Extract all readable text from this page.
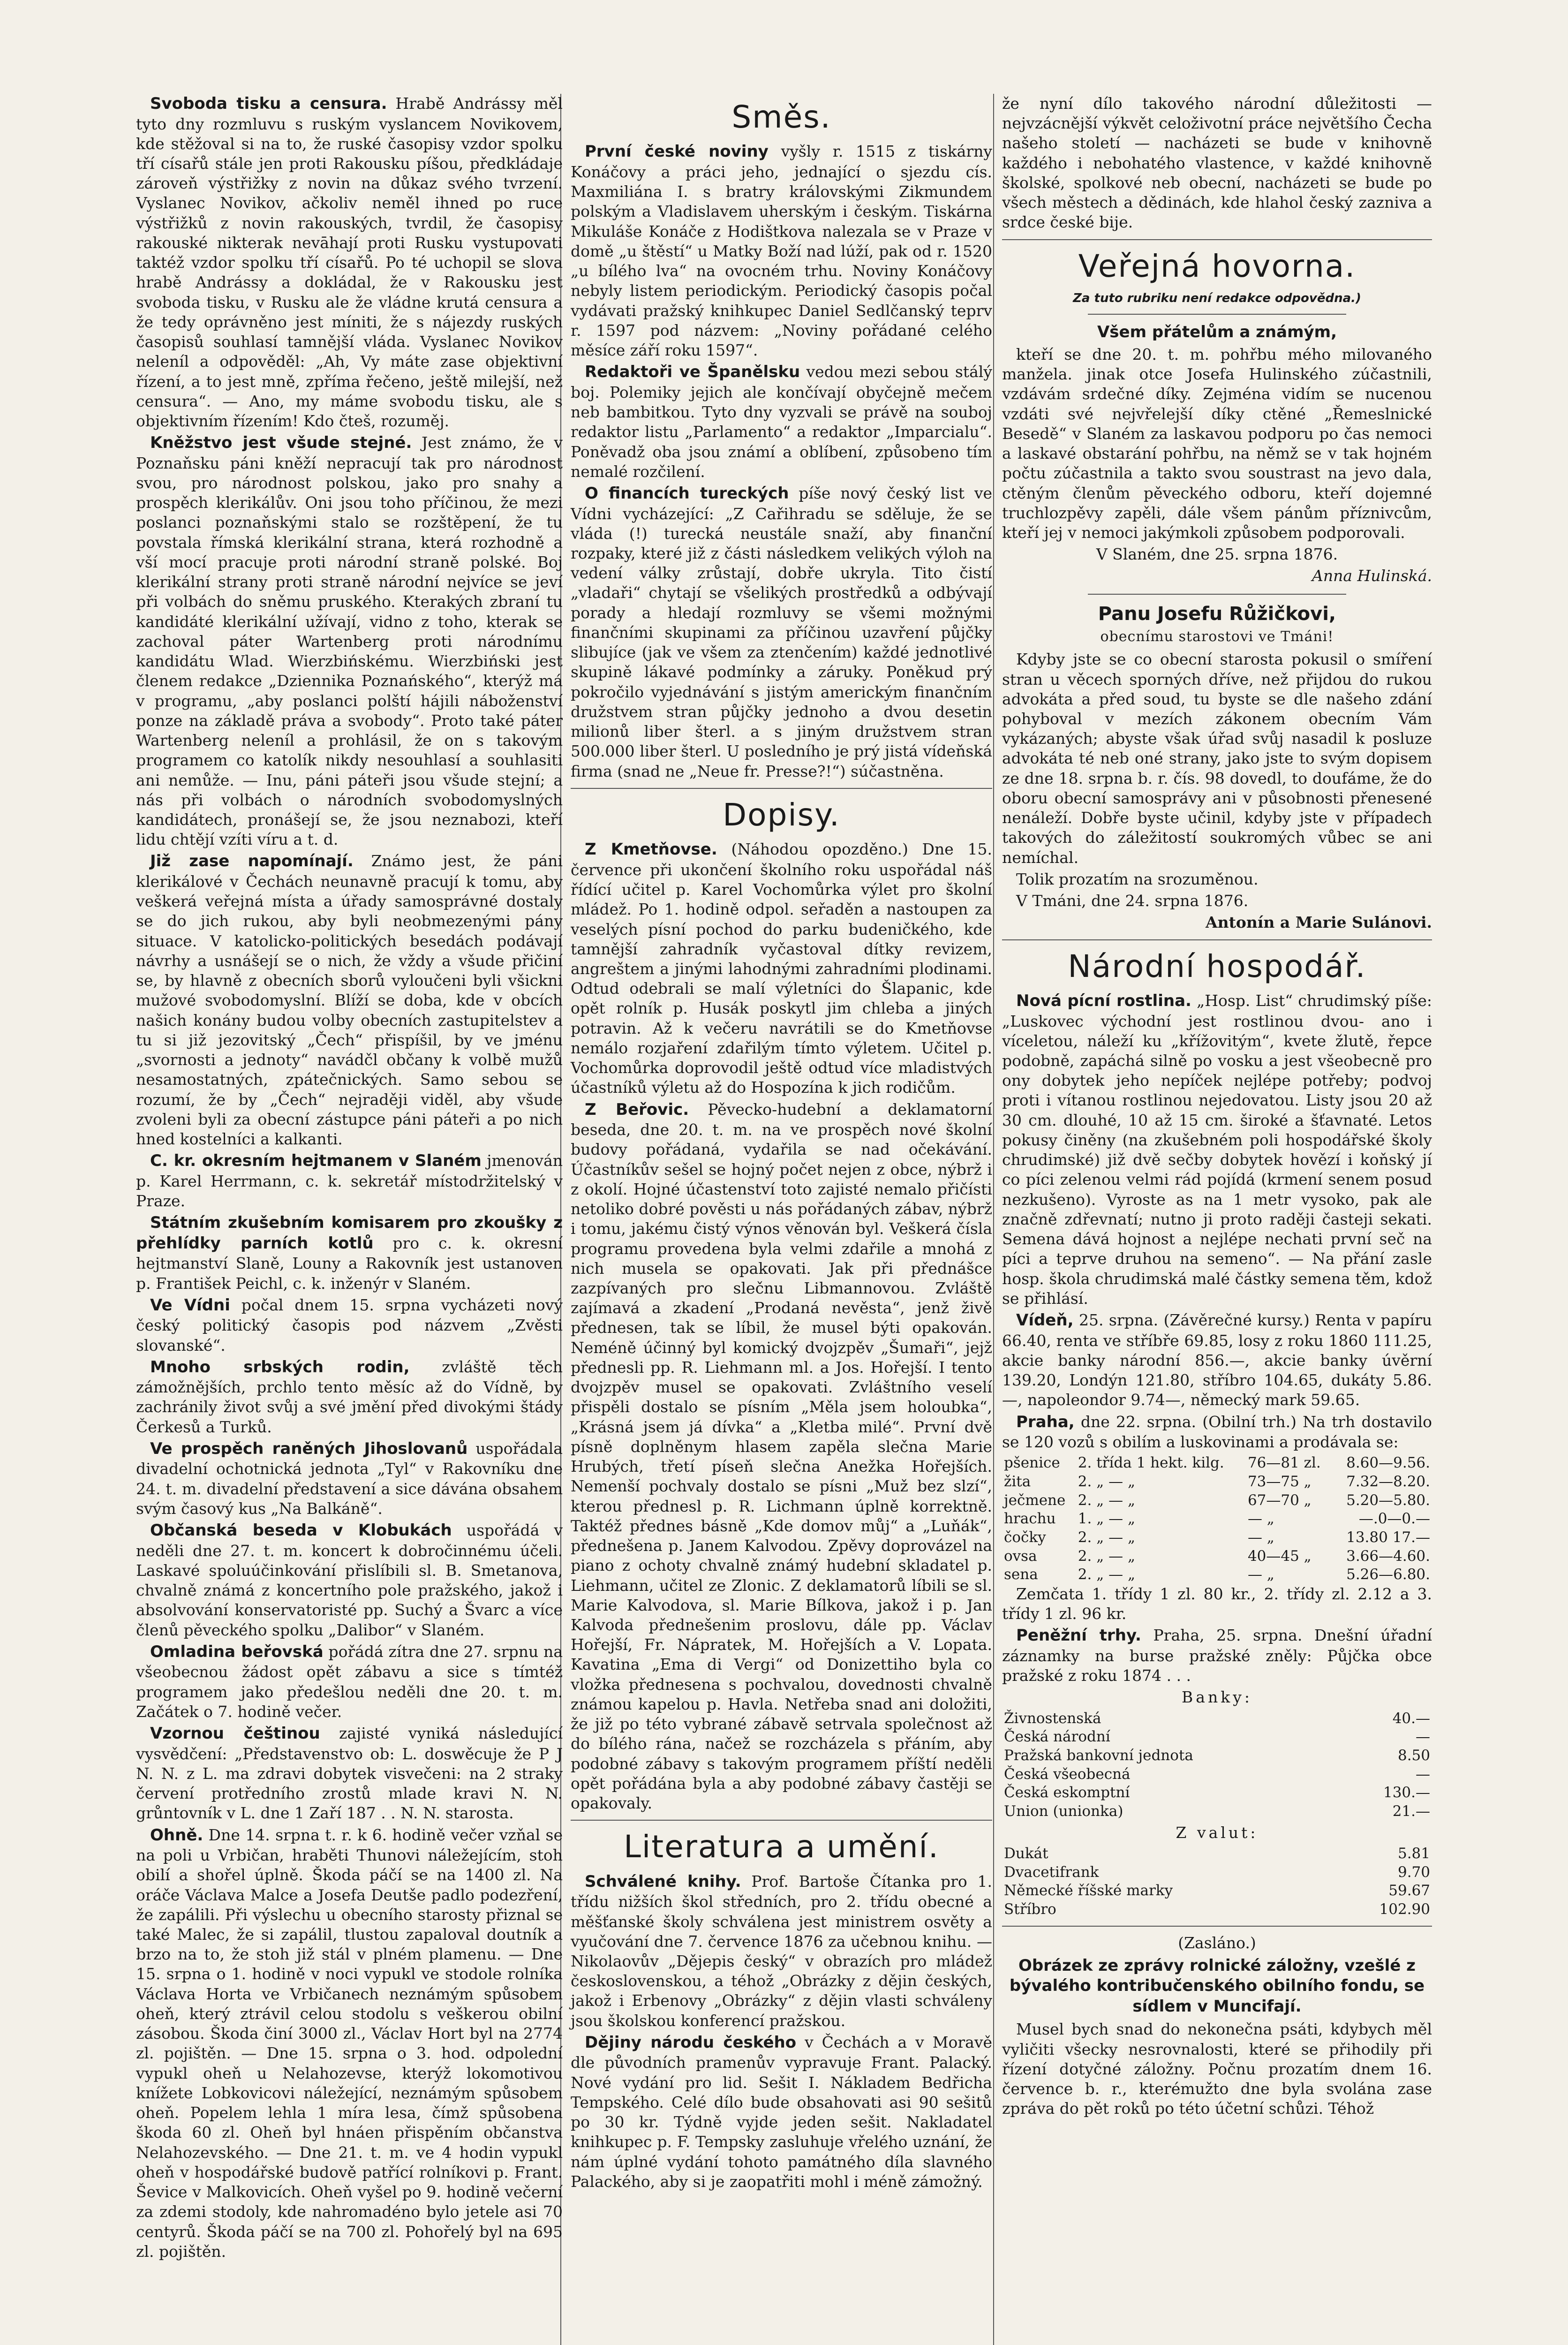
Svoboda tisku a censura. Hrabě Andrássy měl tyto dny rozmluvu s ruským vyslancem Novikovem, kde stěžoval si na to, že ruské časopisy vzdor spolku tří císařů stále jen proti Rakousku píšou, předkládaje zároveň výstřižky z novin na důkaz svého tvrzení. Vyslanec Novikov, ačkoliv neměl ihned po ruce výstřižků z novin rakouských, tvrdil, že časopisy rakouské nikterak nevāhají proti Rusku vystupovati taktéž vzdor spolku tří císařů. Po té uchopil se slova hrabě Andrássy a dokládal, že v Rakousku jest svoboda tisku, v Rusku ale že vládne krutá censura a že tedy oprávněno jest míniti, že s nájezdy ruských časopisů souhlasí tamnější vláda. Vyslanec Novikov neleníl a odpověděl: „Ah, Vy máte zase objektivní řízení, a to jest mně, zpříma řečeno, ještě milejší, než censura“. — Ano, my máme svobodu tisku, ale s objektivním řízením! Kdo čteš, rozuměj.

Kněžstvo jest všude stejné. Jest známo, že v Poznaňsku páni kněží nepracují tak pro národnost svou, pro národnost polskou, jako pro snahy a prospěch klerikálův. Oni jsou toho příčinou, že mezi poslanci poznaňskými stalo se rozštěpení, že tu povstala římská klerikální strana, která rozhodně a vší mocí pracuje proti národní straně polské. Boj klerikální strany proti straně národní nejvíce se jeví při volbách do sněmu pruského. Kterakých zbraní tu kandidáté klerikální užívají, vidno z toho, kterak se zachoval páter Wartenberg proti národnímu kandidátu Wlad. Wierzbińskému. Wierzbiński jest členem redakce „Dziennika Poznańského“, kterýž má v programu, „aby poslanci polští hájili náboženství ponze na základě práva a svobody“. Proto také páter Wartenberg neleníl a prohlásil, že on s takovým programem co katolík nikdy nesouhlasí a souhlasiti ani nemůže. — Inu, páni páteři jsou všude stejní; a nás při volbách o národních svobodomyslných kandidátech, pronášejí se, že jsou neznabozi, kteří lidu chtějí vzíti víru a t. d.

Již zase napomínají. Známo jest, že páni klerikálové v Čechách neunavně pracují k tomu, aby veškerá veřejná místa a úřady samosprávné dostaly se do jich rukou, aby byli neobmezenými pány situace. V katolicko-politických besedách podávají návrhy a usnášejí se o nich, že vždy a všude přičiní se, by hlavně z obecních sborů vyloučeni byli všickni mužové svobodomyslní. Blíží se doba, kde v obcích našich konány budou volby obecních zastupitelstev a tu si již jezovitský „Čech“ přispíšil, by ve jménu „svornosti a jednoty“ navádčl občany k volbě mužů nesamostatných, zpátečnických. Samo sebou se rozumí, že by „Čech“ nejraději viděl, aby všude zvoleni byli za obecní zástupce páni páteři a po nich hned kostelníci a kalkanti.

C. kr. okresním hejtmanem v Slaném jmenován p. Karel Herrmann, c. k. sekretář místodržitelský v Praze.

Státním zkušebním komisarem pro zkoušky z přehlídky parních kotlů pro c. k. okresní hejtmanství Slaně, Louny a Rakovník jest ustanoven p. František Peichl, c. k. inženýr v Slaném.

Ve Vídni počal dnem 15. srpna vycházeti nový český politický časopis pod názvem „Zvěsti slovanské“.

Mnoho srbských rodin, zvláště těch zámožnějších, prchlo tento měsíc až do Vídně, by zachránily život svůj a své jmění před divokými štády Čerkesů a Turků.

Ve prospěch raněných Jihoslovanů uspořádala divadelní ochotnická jednota „Tyl“ v Rakovníku dne 24. t. m. divadelní představení a sice dávána obsahem svým časový kus „Na Balkáně“.

Občanská beseda v Klobukách uspořádá v neděli dne 27. t. m. koncert k dobročinnému účeli. Laskavé spoluúčinkování přislíbili sl. B. Smetanova, chvalně známá z koncertního pole pražského, jakož i absolvování konservatoristé pp. Suchý a Švarc a více členů pěveckého spolku „Dalibor“ v Slaném.

Omladina beřovská pořádá zítra dne 27. srpnu na všeobecnou žádost opět zábavu a sice s tímtéž programem jako předešlou neděli dne 20. t. m. Začátek o 7. hodině večer.

Vzornou češtinou zajisté vyniká následující vysvědčení: „Představenstvo ob: L. doswěcuje že P J N. N. z L. ma zdravi dobytek visvečeni: na 2 straky červení protředního zrostů mlade kravi N. N. grůntovník v L. dne 1 Zaří 187 . . N. N. starosta.

Ohně. Dne 14. srpna t. r. k 6. hodině večer vzňal se na poli u Vrbičan, hraběti Thunovi náležejícím, stoh obilí a shořel úplně. Škoda páčí se na 1400 zl. Na oráče Václava Malce a Josefa Deutše padlo podezření, že zapálili. Při výslechu u obecního starosty přiznal se také Malec, že si zapálil, tlustou zapaloval doutník a brzo na to, že stoh již stál v plném plamenu. — Dne 15. srpna o 1. hodině v noci vypukl ve stodole rolníka Václava Horta ve Vrbičanech neznámým spůsobem oheň, který ztrávil celou stodolu s veškerou obilní zásobou. Škoda činí 3000 zl., Václav Hort byl na 2774 zl. pojištěn. — Dne 15. srpna o 3. hod. odpolední vypukl oheň u Nelahozevse, kterýž lokomotivou knížete Lobkovicovi náležející, neznámým spůsobem oheň. Popelem lehla 1 míra lesa, čímž spůsobena škoda 60 zl. Oheň byl hnáen přispěním občanstva Nelahozevského. — Dne 21. t. m. ve 4 hodin vypukl oheň v hospodářské budově patřící rolníkovi p. Frant. Ševice v Malkovicích. Oheň vyšel po 9. hodině večerní za zdemi stodoly, kde nahromadéno bylo jetele asi 70 centyrů. Škoda páčí se na 700 zl. Pohořelý byl na 695 zl. pojištěn.

Směs.

První české noviny vyšly r. 1515 z tiskárny Konáčovy a práci jeho, jednající o sjezdu cís. Maxmiliána I. s bratry královskými Zikmundem polským a Vladislavem uherským i českým. Tiskárna Mikuláše Konáče z Hodištkova nalezala se v Praze v domě „u štěstí“ u Matky Boží nad lúží, pak od r. 1520 „u bílého lva“ na ovocném trhu. Noviny Konáčovy nebyly listem periodickým. Periodický časopis počal vydávati pražský knihkupec Daniel Sedlčanský teprv r. 1597 pod názvem: „Noviny pořádané celého měsíce září roku 1597“.

Redaktoři ve Španělsku vedou mezi sebou stálý boj. Polemiky jejich ale končívají obyčejně mečem neb bambitkou. Tyto dny vyzvali se právě na souboj redaktor listu „Parlamento“ a redaktor „Imparcialu“. Poněvadž oba jsou známí a oblíbení, způsobeno tím nemalé rozčilení.

O financích tureckých píše nový český list ve Vídni vycházející: „Z Cařihradu se sděluje, že se vláda (!) turecká neustále snaží, aby finanční rozpaky, které již z části následkem velikých výloh na vedení války zrůstají, dobře ukryla. Tito čistí „vladaři“ chytají se všelikých prostředků a odbývají porady a hledají rozmluvy se všemi možnými finančními skupinami za příčinou uzavření půjčky slibujíce (jak ve všem za ztenčením) každé jednotlivé skupině lákavé podmínky a záruky. Poněkud prý pokročilo vyjednávání s jistým americkým finančním družstvem stran půjčky jednoho a dvou desetin milionů liber šterl. a s jiným družstvem stran 500.000 liber šterl. U posledního je prý jistá vídeňská firma (snad ne „Neue fr. Presse?!“) súčastněna.

Dopisy.

Z Kmetňovse. (Náhodou opozděno.) Dne 15. července při ukončení školního roku uspořádal náš řídící učitel p. Karel Vochomůrka výlet pro školní mládež. Po 1. hodině odpol. seřaděn a nastoupen za veselých písní pochod do parku budeničkého, kde tamnější zahradník vyčastoval dítky revizem, angreštem a jinými lahodnými zahradními plodinami. Odtud odebrali se malí výletníci do Šlapanic, kde opět rolník p. Husák poskytl jim chleba a jiných potravin. Až k večeru navrátili se do Kmetňovse nemálo rozjaření zdařilým tímto výletem. Učitel p. Vochomůrka doprovodil ještě odtud více mladistvých účastníků výletu až do Hospozína k jich rodičům.

Z Beřovic. Pěvecko-hudební a deklamatorní beseda, dne 20. t. m. na ve prospěch nové školní budovy pořádaná, vydařila se nad očekávání. Účastníkův sešel se hojný počet nejen z obce, nýbrž i z okolí. Hojné účastenství toto zajisté nemalo přičísti netoliko dobré pověsti u nás pořádaných zábav, nýbrž i tomu, jakému čistý výnos věnován byl. Veškerá čísla programu provedena byla velmi zdařile a mnohá z nich musela se opakovati. Jak při přednášce zazpívaných pro slečnu Libmannovou. Zvláště zajímavá a zkadení „Prodaná nevěsta“, jenž živě přednesen, tak se líbil, že musel býti opakován. Neméně účinný byl komický dvojzpěv „Šumaři“, jejž přednesli pp. R. Liehmann ml. a Jos. Hořejší. I tento dvojzpěv musel se opakovati. Zvláštního veselí přispěli dostalo se písním „Měla jsem holoubka“, „Krásná jsem já dívka“ a „Kletba milé“. První dvě písně doplněnym hlasem zapěla slečna Marie Hrubých, třetí píseň slečna Anežka Hořejších. Nemenší pochvaly dostalo se písni „Muž bez slzí“, kterou přednesl p. R. Lichmann úplně korrektně. Taktéž přednes básně „Kde domov můj“ a „Luňák“, přednešena p. Janem Kalvodou. Zpěvy doprovázel na piano z ochoty chvalně známý hudební skladatel p. Liehmann, učitel ze Zlonic. Z deklamatorů líbili se sl. Marie Kalvodova, sl. Marie Bílkova, jakož i p. Jan Kalvoda přednešenim proslovu, dále pp. Václav Hořejší, Fr. Nápratek, M. Hořejších a V. Lopata. Kavatina „Ema di Vergi“ od Donizettiho byla co vložka přednesena s pochvalou, dovednosti chvalně známou kapelou p. Havla. Netřeba snad ani doložiti, že již po této vybrané zábavě setrvala společnost až do bílého rána, načež se rozcházela s přáním, aby podobné zábavy s takovým programem příští neděli opět pořádána byla a aby podobné zábavy častěji se opakovaly.

Literatura a umění.

Schválené knihy. Prof. Bartoše Čítanka pro 1. třídu nižších škol středních, pro 2. třídu obecné a měšťanské školy schválena jest ministrem osvěty a vyučování dne 7. července 1876 za učebnou knihu. — Nikolaovův „Dějepis český“ v obrazích pro mládež československou, a téhož „Obrázky z dějin českých, jakož i Erbenovy „Obrázky“ z dějin vlasti schváleny jsou školskou konferencí pražskou.

Dějiny národu českého v Čechách a v Moravě dle původních pramenův vypravuje Frant. Palacký. Nové vydání pro lid. Sešit I. Nákladem Bedřicha Tempského. Celé dílo bude obsahovati asi 90 sešitů po 30 kr. Týdně vyjde jeden sešit. Nakladatel knihkupec p. F. Tempsky zasluhuje vřelého uznání, že nám úplné vydání tohoto památného díla slavného Palackého, aby si je zaopatřiti mohl i méně zámožný.

že nyní dílo takového národní důležitosti — nejvzácnější výkvět celoživotní práce největšího Čecha našeho století — nacházeti se bude v knihovně každého i nebohatého vlastence, v každé knihovně školské, spolkové neb obecní, nacházeti se bude po všech městech a dědinách, kde hlahol český zazniva a srdce české bije.

Veřejná hovorna.
Za tuto rubriku není redakce odpovědna.)
Všem přátelům a známým,

kteří se dne 20. t. m. pohřbu mého milovaného manžela. jinak otce Josefa Hulinského zúčastnili, vzdávám srdečné díky. Zejména vidím se nucenou vzdáti své nejvřelejší díky ctěné „Řemeslnické Besedě“ v Slaném za laskavou podporu po čas nemoci a laskavé obstarání pohřbu, na němž se v tak hojném počtu zúčastnila a takto svou soustrast na jevo dala, ctěným členům pěveckého odboru, kteří dojemné truchlozpěvy zapěli, dále všem pánům příznivcům, kteří jej v nemoci jakýmkoli způsobem podporovali.

V Slaném, dne 25. srpna 1876.

Anna Hulinská.
Panu Josefu Růžičkovi,
obecnímu starostovi ve Tmáni!

Kdyby jste se co obecní starosta pokusil o smíření stran u věcech sporných dříve, než přijdou do rukou advokáta a před soud, tu byste se dle našeho zdání pohyboval v mezích zákonem obecním Vám vykázaných; abyste však úřad svůj nasadil k posluze advokáta té neb oné strany, jako jste to svým dopisem ze dne 18. srpna b. r. čís. 98 dovedl, to doufáme, že do oboru obecní samosprávy ani v působnosti přenesené nenáleží. Dobře byste učinil, kdyby jste v případech takových do záležitostí soukromých vůbec se ani nemíchal.

Tolik prozatím na srozuměnou.

V Tmáni, dne 24. srpna 1876.

Antonín a Marie Sulánovi.
Národní hospodář.

Nová pícní rostlina. „Hosp. List“ chrudimský píše: „Luskovec východní jest rostlinou dvou- ano i víceletou, náleží ku „křížovitým“, kvete žlutě, řepce podobně, zapáchá silně po vosku a jest všeobecně pro ony dobytek jeho nepíček nejlépe potřeby; podvoj proti i vítanou rostlinou nejedovatou. Listy jsou 20 až 30 cm. dlouhé, 10 až 15 cm. široké a šťavnaté. Letos pokusy činěny (na zkušebném poli hospodářské školy chrudimské) již dvě sečby dobytek hovězí i koňský jí co píci zelenou velmi rád pojídá (krmení senem posud nezkušeno). Vyroste as na 1 metr vysoko, pak ale značně zdřevnatí; nutno ji proto raději časteji sekati. Semena dává hojnost a nejlépe nechati první seč na píci a teprve druhou na semeno“. — Na přání zasle hosp. škola chrudimská malé částky semena těm, kdož se přihlásí.

Vídeň, 25. srpna. (Závěrečné kursy.) Renta v papíru 66.40, renta ve stříbře 69.85, losy z roku 1860 111.25, akcie banky národní 856.—, akcie banky úvěrní 139.20, Londýn 121.80, stříbro 104.65, dukáty 5.86.—, napoleondor 9.74—, německý mark 59.65.

Praha, dne 22. srpna. (Obilní trh.) Na trh dostavilo se 120 vozů s obilím a luskovinami a prodávala se:

pšenice	2. třída 1 hekt. kilg.	76—81 zl.	8.60—9.56.
žita	2. „ — „	73—75 „	7.32—8.20.
ječmene	2. „ — „	67—70 „	5.20—5.80.
hrachu	1. „ — „	— „	—.0—0.—
čočky	2. „ — „	— „	13.80 17.—
ovsa	2. „ — „	40—45 „	3.66—4.60.
sena	2. „ — „	— „	5.26—6.80.

Zemčata 1. třídy 1 zl. 80 kr., 2. třídy zl. 2.12 a 3. třídy 1 zl. 96 kr.

Peněžní trhy. Praha, 25. srpna. Dnešní úřadní záznamky na burse pražské zněly: Půjčka obce pražské z roku 1874 . . .

Banky:
Živnostenská	40.—
Česká národní	—
Pražská bankovní jednota	8.50
Česká všeobecná	—
Česká eskomptní	130.—
Union (unionka)	21.—
Z valut:
Dukát	5.81
Dvacetifrank	9.70
Německé říšské marky	59.67
Stříbro	102.90
(Zasláno.)
Obrázek ze zprávy rolnické záložny, vzešlé z bývalého kontribučenského obilního fondu, se sídlem v Muncifají.

Musel bych snad do nekonečna psáti, kdybych měl vyličiti všecky nesrovnalosti, které se přihodily při řízení dotyčné záložny. Počnu prozatím dnem 16. července b. r., kterémužto dne byla svolána zase zpráva do pět roků po této účetní schůzi. Téhož
